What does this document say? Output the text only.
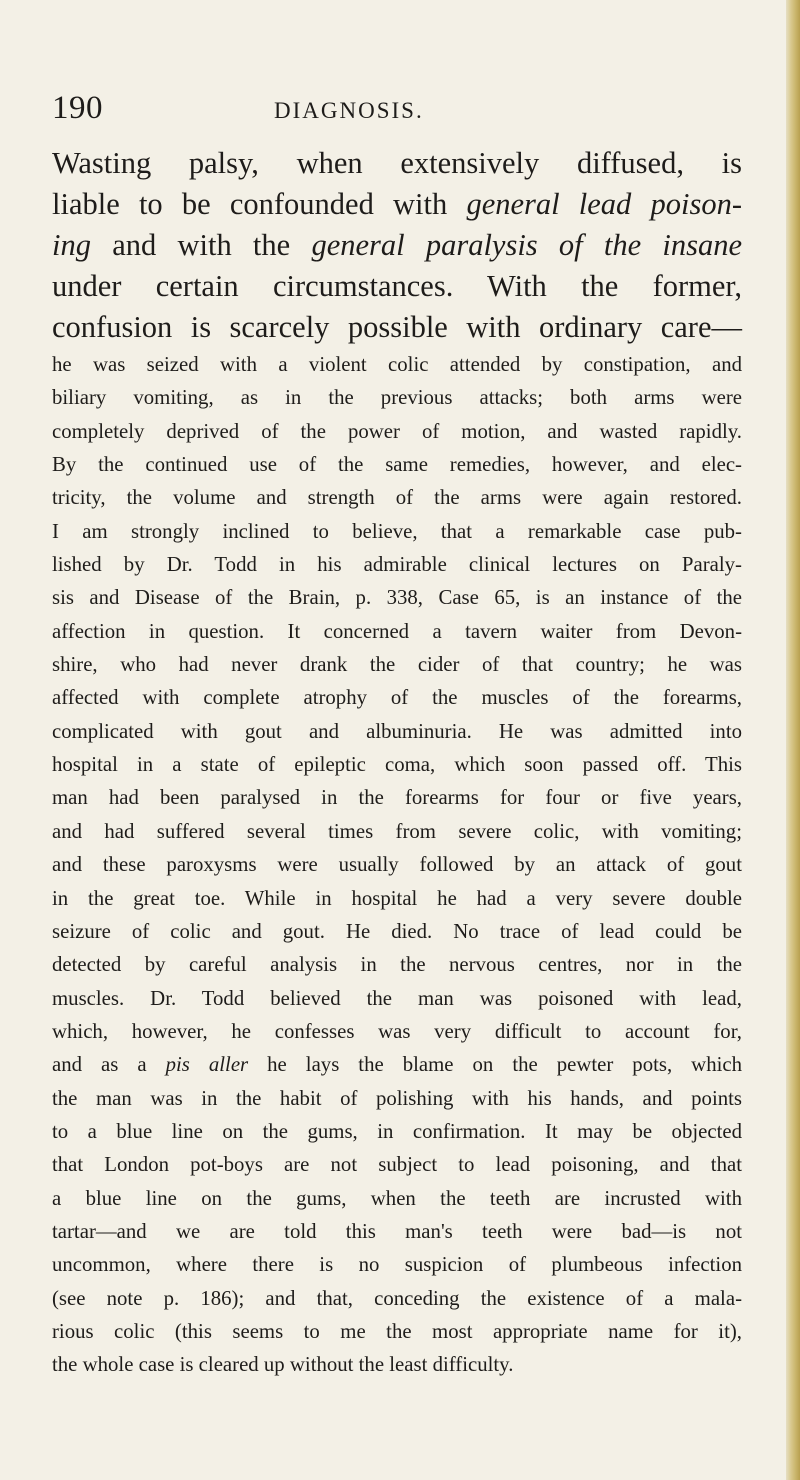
190	DIAGNOSIS.
Wasting palsy, when extensively diffused, is
liable to be confounded with general lead poison-
ing and with the general paralysis of the insane
under certain circumstances. With the former,
confusion is scarcely possible with ordinary care—
he was seized with a violent colic attended by constipation, and
biliary vomiting, as in the previous attacks; both arms were
completely deprived of the power of motion, and wasted rapidly.
By the continued use of the same remedies, however, and elec-
tricity, the volume and strength of the arms were again restored.
I am strongly inclined to believe, that a remarkable case pub-
lished by Dr. Todd in his admirable clinical lectures on Paraly-
sis and Disease of the Brain, p. 338, Case 65, is an instance of the
affection in question. It concerned a tavern waiter from Devon-
shire, who had never drank the cider of that country; he was
affected with complete atrophy of the muscles of the forearms,
complicated with gout and albuminuria. He was admitted into
hospital in a state of epileptic coma, which soon passed off. This
man had been paralysed in the forearms for four or five years,
and had suffered several times from severe colic, with vomiting;
and these paroxysms were usually followed by an attack of gout
in the great toe. While in hospital he had a very severe double
seizure of colic and gout. He died. No trace of lead could be
detected by careful analysis in the nervous centres, nor in the
muscles. Dr. Todd believed the man was poisoned with lead,
which, however, he confesses was very difficult to account for,
and as a pis aller he lays the blame on the pewter pots, which
the man was in the habit of polishing with his hands, and points
to a blue line on the gums, in confirmation. It may be objected
that London pot-boys are not subject to lead poisoning, and that
a blue line on the gums, when the teeth are incrusted with
tartar—and we are told this man's teeth were bad—is not
uncommon, where there is no suspicion of plumbeous infection
(see note p. 186); and that, conceding the existence of a mala-
rious colic (this seems to me the most appropriate name for it),
the whole case is cleared up without the least difficulty.
